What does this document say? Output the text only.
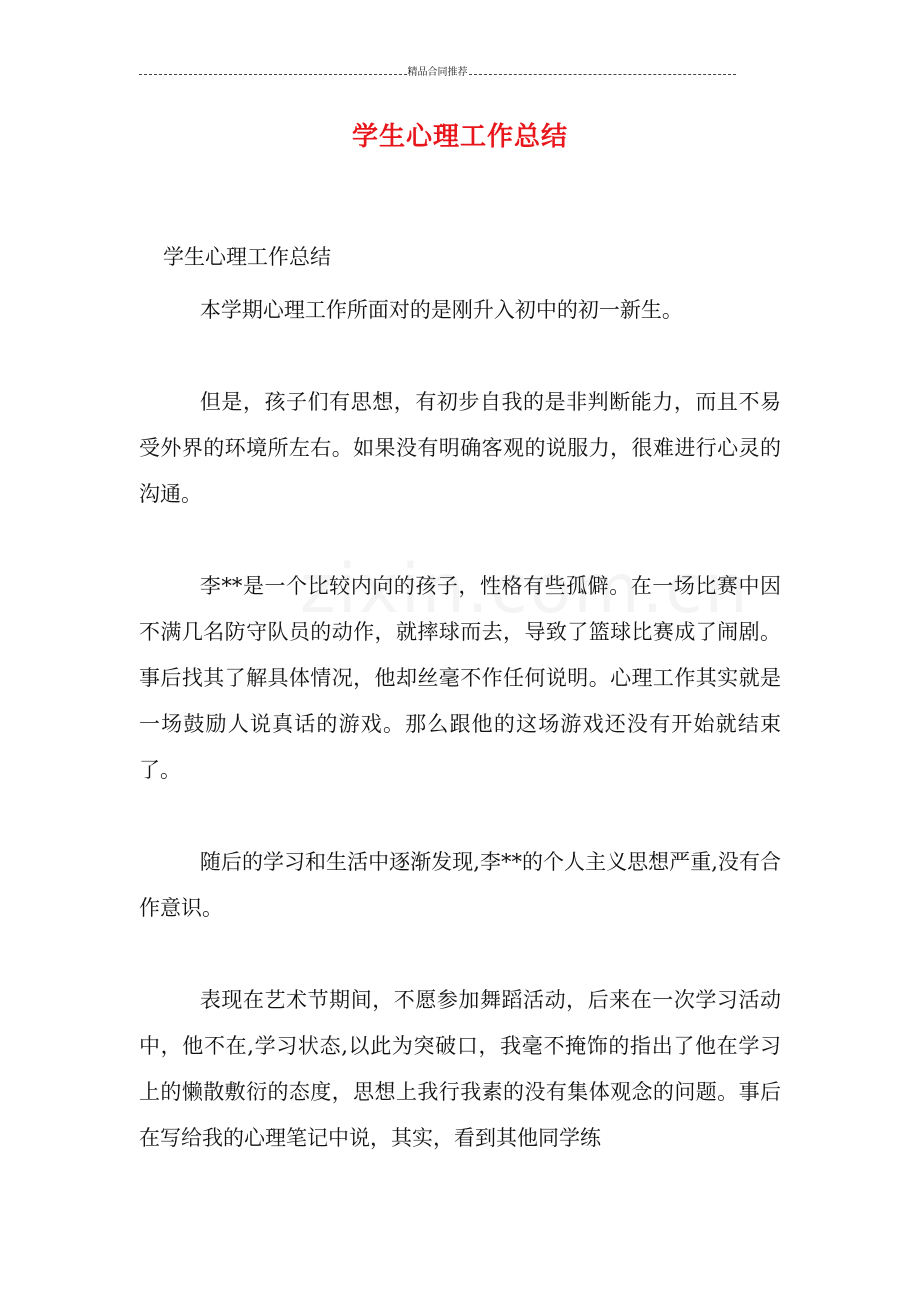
精品合同推荐
学生心理工作总结
学生心理工作总结

本学期心理工作所面对的是刚升入初中的初一新生。

但是，孩子们有思想，有初步自我的是非判断能力，而且不易受外界的环境所左右。如果没有明确客观的说服力，很难进行心灵的沟通。

李**是一个比较内向的孩子，性格有些孤僻。在一场比赛中因不满几名防守队员的动作，就摔球而去，导致了篮球比赛成了闹剧。事后找其了解具体情况，他却丝毫不作任何说明。心理工作其实就是一场鼓励人说真话的游戏。那么跟他的这场游戏还没有开始就结束了。

随后的学习和生活中逐渐发现,李**的个人主义思想严重,没有合作意识。

表现在艺术节期间，不愿参加舞蹈活动，后来在一次学习活动中，他不在,学习状态,以此为突破口，我毫不掩饰的指出了他在学习上的懒散敷衍的态度，思想上我行我素的没有集体观念的问题。事后在写给我的心理笔记中说，其实，看到其他同学练
